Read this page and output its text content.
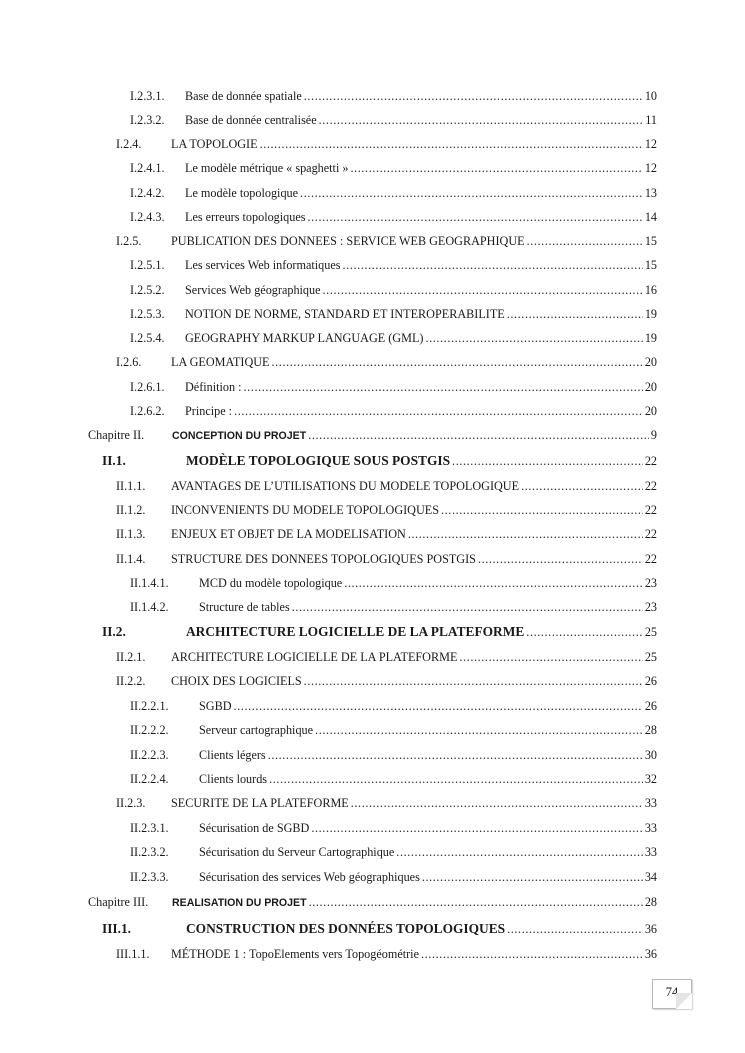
I.2.3.1. Base de donnée spatiale .....	10
I.2.3.2. Base de donnée centralisée .....	11
I.2.4. LA TOPOLOGIE .....	12
I.2.4.1. Le modèle métrique « spaghetti » .....	12
I.2.4.2. Le modèle topologique .....	13
I.2.4.3. Les erreurs topologiques .....	14
I.2.5. PUBLICATION DES DONNEES : SERVICE WEB GEOGRAPHIQUE .....	15
I.2.5.1. Les services Web informatiques .....	15
I.2.5.2. Services Web géographique .....	16
I.2.5.3. NOTION DE NORME, STANDARD ET INTEROPERABILITE .....	19
I.2.5.4. GEOGRAPHY MARKUP LANGUAGE (GML) .....	19
I.2.6. LA GEOMATIQUE .....	20
I.2.6.1. Définition : .....	20
I.2.6.2. Principe : .....	20
Chapitre II.	CONCEPTION DU PROJET .....	9
II.1.	MODÈLE TOPOLOGIQUE SOUS POSTGIS .....	22
II.1.1. AVANTAGES DE L’UTILISATIONS DU MODELE TOPOLOGIQUE .....	22
II.1.2. INCONVENIENTS DU MODELE TOPOLOGIQUES .....	22
II.1.3. ENJEUX ET OBJET DE LA MODELISATION .....	22
II.1.4. STRUCTURE DES DONNEES TOPOLOGIQUES POSTGIS .....	22
II.1.4.1. MCD du modèle topologique .....	23
II.1.4.2. Structure de tables .....	23
II.2.	ARCHITECTURE LOGICIELLE DE LA PLATEFORME .....	25
II.2.1. ARCHITECTURE LOGICIELLE DE LA PLATEFORME .....	25
II.2.2. CHOIX DES LOGICIELS .....	26
II.2.2.1. SGBD .....	26
II.2.2.2. Serveur cartographique .....	28
II.2.2.3. Clients légers .....	30
II.2.2.4. Clients lourds .....	32
II.2.3. SECURITE DE LA PLATEFORME .....	33
II.2.3.1. Sécurisation de SGBD .....	33
II.2.3.2. Sécurisation du Serveur Cartographique .....	33
II.2.3.3. Sécurisation des services Web géographiques .....	34
Chapitre III. REALISATION DU PROJET .....	28
III.1.	CONSTRUCTION DES DONNÉES TOPOLOGIQUES .....	36
III.1.1. MÉTHODE 1 : TopoElements vers Topogéométrie .....	36
74
